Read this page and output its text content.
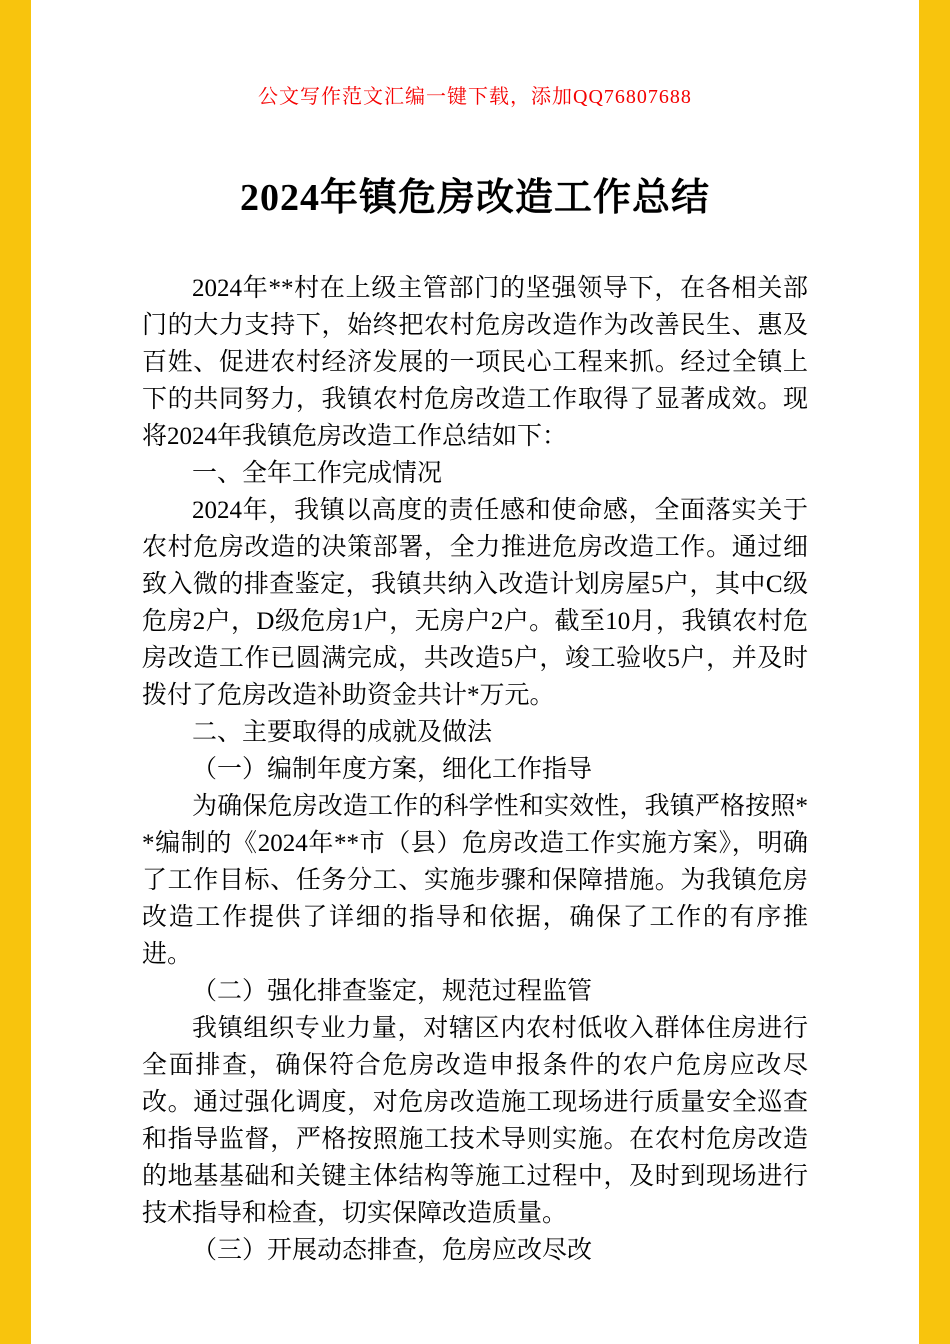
公文写作范文汇编一键下载，添加QQ76807688
2024年镇危房改造工作总结

2024年**村在上级主管部门的坚强领导下，在各相关部门的大力支持下，始终把农村危房改造作为改善民生、惠及百姓、促进农村经济发展的一项民心工程来抓。经过全镇上下的共同努力，我镇农村危房改造工作取得了显著成效。现将2024年我镇危房改造工作总结如下：

一、全年工作完成情况

2024年，我镇以高度的责任感和使命感，全面落实关于农村危房改造的决策部署，全力推进危房改造工作。通过细致入微的排查鉴定，我镇共纳入改造计划房屋5户，其中C级危房2户，D级危房1户，无房户2户。截至10月，我镇农村危房改造工作已圆满完成，共改造5户，竣工验收5户，并及时拨付了危房改造补助资金共计*万元。

二、主要取得的成就及做法

（一）编制年度方案，细化工作指导

为确保危房改造工作的科学性和实效性，我镇严格按照**编制的《2024年**市（县）危房改造工作实施方案》，明确了工作目标、任务分工、实施步骤和保障措施。为我镇危房改造工作提供了详细的指导和依据，确保了工作的有序推进。

（二）强化排查鉴定，规范过程监管

我镇组织专业力量，对辖区内农村低收入群体住房进行全面排查，确保符合危房改造申报条件的农户危房应改尽改。通过强化调度，对危房改造施工现场进行质量安全巡查和指导监督，严格按照施工技术导则实施。在农村危房改造的地基基础和关键主体结构等施工过程中，及时到现场进行技术指导和检查，切实保障改造质量。

（三）开展动态排查，危房应改尽改
